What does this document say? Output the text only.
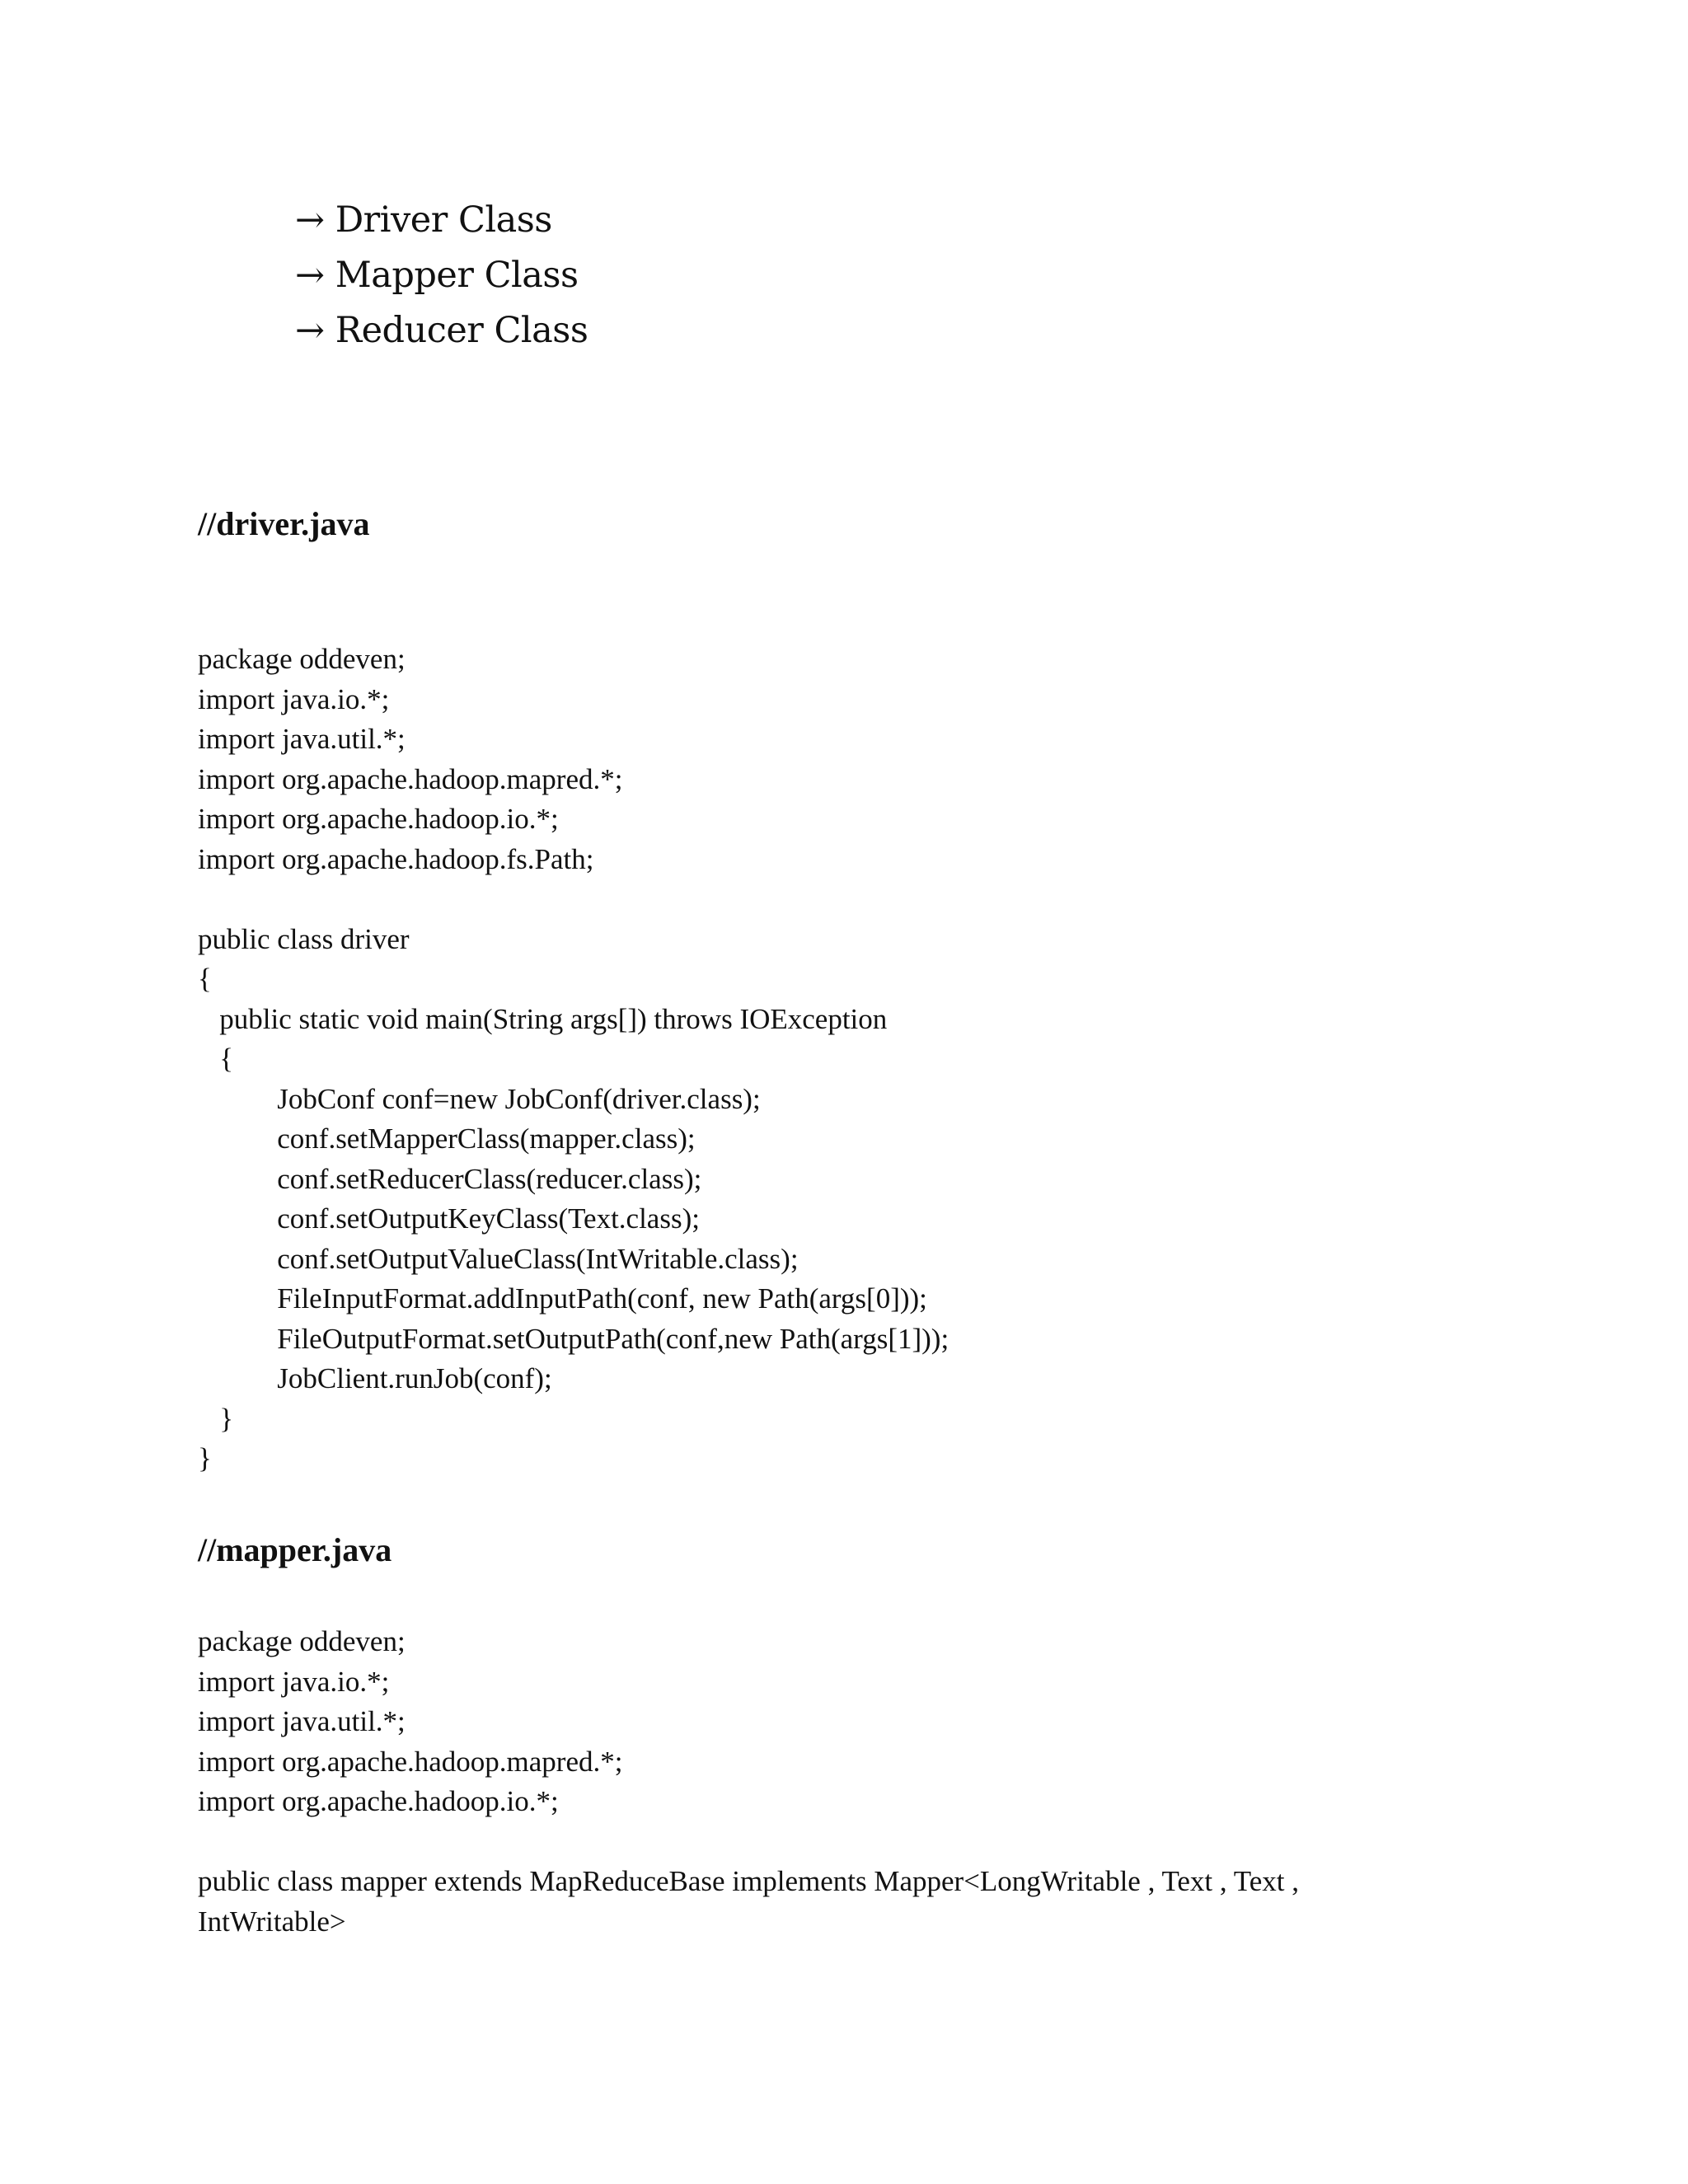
→ Driver Class
→ Mapper Class
→ Reducer Class
//driver.java
package oddeven;
import java.io.*;
import java.util.*;
import org.apache.hadoop.mapred.*;
import org.apache.hadoop.io.*;
import org.apache.hadoop.fs.Path;
public class driver
{
public static void main(String args[]) throws IOException
{
JobConf conf=new JobConf(driver.class);
conf.setMapperClass(mapper.class);
conf.setReducerClass(reducer.class);
conf.setOutputKeyClass(Text.class);
conf.setOutputValueClass(IntWritable.class);
FileInputFormat.addInputPath(conf, new Path(args[0]));
FileOutputFormat.setOutputPath(conf,new Path(args[1]));
JobClient.runJob(conf);
}
}
//mapper.java
package oddeven;
import java.io.*;
import java.util.*;
import org.apache.hadoop.mapred.*;
import org.apache.hadoop.io.*;
public class mapper extends MapReduceBase implements Mapper<LongWritable , Text , Text ,
IntWritable>
